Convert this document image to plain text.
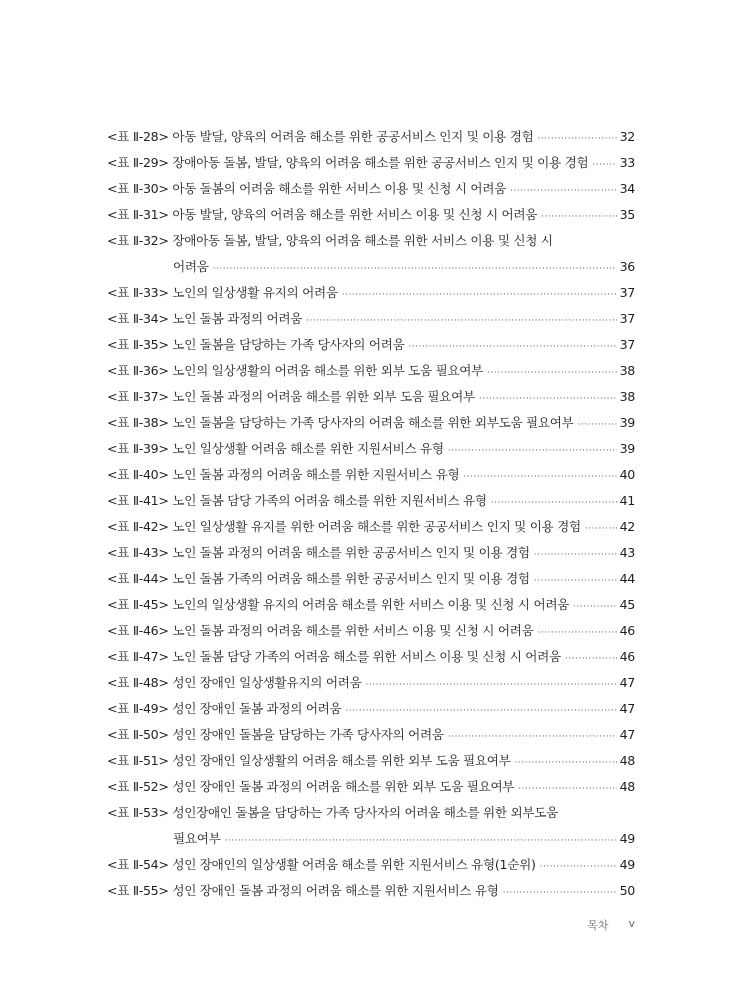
<표 Ⅱ-28> 아동 발달, 양육의 어려움 해소를 위한 공공서비스 인지 및 이용 경험 ·····	32
<표 Ⅱ-29> 장애아동 돌봄, 발달, 양육의 어려움 해소를 위한 공공서비스 인지 및 이용 경험 ····· 33
<표 Ⅱ-30> 아동 돌봄의 어려움 해소를 위한 서비스 이용 및 신청 시 어려움 ·····	34
<표 Ⅱ-31> 아동 발달, 양육의 어려움 해소를 위한 서비스 이용 및 신청 시 어려움 ·····	35
<표 Ⅱ-32> 장애아동 돌봄, 발달, 양육의 어려움 해소를 위한 서비스 이용 및 신청 시
어려움 ·····	36
<표 Ⅱ-33> 노인의 일상생활 유지의 어려움 ·····	37
<표 Ⅱ-34> 노인 돌봄 과정의 어려움 ·····	37
<표 Ⅱ-35> 노인 돌봄을 담당하는 가족 당사자의 어려움 ·····	37
<표 Ⅱ-36> 노인의 일상생활의 어려움 해소를 위한 외부 도움 필요여부 ·····	38
<표 Ⅱ-37> 노인 돌봄 과정의 어려움 해소를 위한 외부 도움 필요여부 ·····	38
<표 Ⅱ-38> 노인 돌봄을 담당하는 가족 당사자의 어려움 해소를 위한 외부도움 필요여부 ·····	39
<표 Ⅱ-39> 노인 일상생활 어려움 해소를 위한 지원서비스 유형 ·····	39
<표 Ⅱ-40> 노인 돌봄 과정의 어려움 해소를 위한 지원서비스 유형 ·····	40
<표 Ⅱ-41> 노인 돌봄 담당 가족의 어려움 해소를 위한 지원서비스 유형 ·····	41
<표 Ⅱ-42> 노인 일상생활 유지를 위한 어려움 해소를 위한 공공서비스 인지 및 이용 경험 ·····	42
<표 Ⅱ-43> 노인 돌봄 과정의 어려움 해소를 위한 공공서비스 인지 및 이용 경험 ·····	43
<표 Ⅱ-44> 노인 돌봄 가족의 어려움 해소를 위한 공공서비스 인지 및 이용 경험 ·····	44
<표 Ⅱ-45> 노인의 일상생활 유지의 어려움 해소를 위한 서비스 이용 및 신청 시 어려움 ·····	45
<표 Ⅱ-46> 노인 돌봄 과정의 어려움 해소를 위한 서비스 이용 및 신청 시 어려움 ·····	46
<표 Ⅱ-47> 노인 돌봄 담당 가족의 어려움 해소를 위한 서비스 이용 및 신청 시 어려움 ·····	46
<표 Ⅱ-48> 성인 장애인 일상생활유지의 어려움 ·····	47
<표 Ⅱ-49> 성인 장애인 돌봄 과정의 어려움 ·····	47
<표 Ⅱ-50> 성인 장애인 돌봄을 담당하는 가족 당사자의 어려움 ·····	47
<표 Ⅱ-51> 성인 장애인 일상생활의 어려움 해소를 위한 외부 도움 필요여부 ·····	48
<표 Ⅱ-52> 성인 장애인 돌봄 과정의 어려움 해소를 위한 외부 도움 필요여부 ·····	48
<표 Ⅱ-53> 성인장애인 돌봄을 담당하는 가족 당사자의 어려움 해소를 위한 외부도움
필요여부 ·····	49
<표 Ⅱ-54> 성인 장애인의 일상생활 어려움 해소를 위한 지원서비스 유형(1순위) ·····	49
<표 Ⅱ-55> 성인 장애인 돌봄 과정의 어려움 해소를 위한 지원서비스 유형 ·····	50
목차 v
